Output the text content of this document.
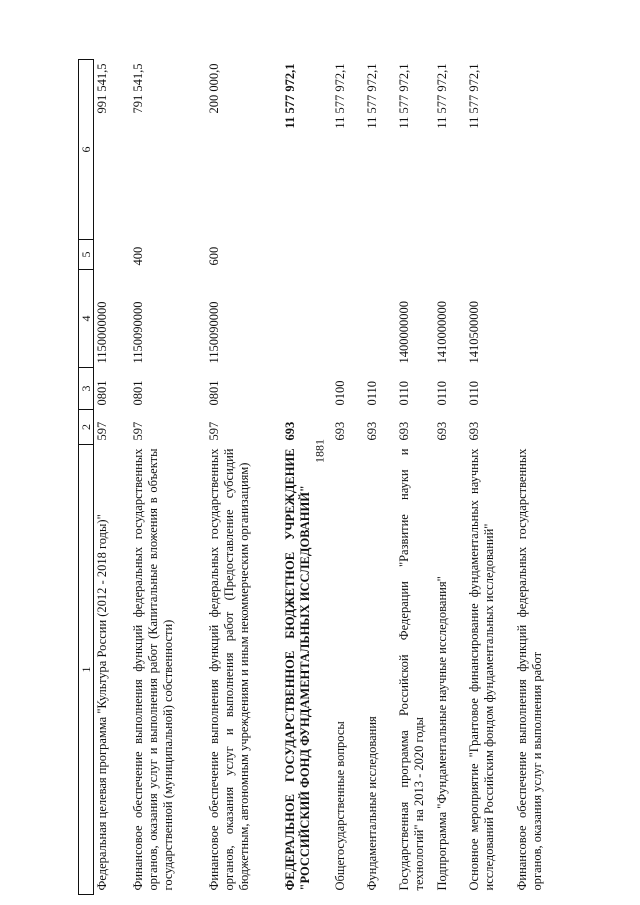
1881
1	2	3	4	5	6
Федеральная целевая программа "Культура России (2012 - 2018 годы)"	597	0801	1150000000		991 541,5
Финансовое обеспечение выполнения функций федеральных государственных органов, оказания услуг и выполнения работ (Капитальные вложения в объекты государственной (муниципальной) собственности)	597	0801	1150090000	400	791 541,5
Финансовое обеспечение выполнения функций федеральных государственных органов, оказания услуг и выполнения работ (Предоставление субсидий бюджетным, автономным учреждениям и иным некоммерческим организациям)	597	0801	1150090000	600	200 000,0
ФЕДЕРАЛЬНОЕ ГОСУДАРСТВЕННОЕ БЮДЖЕТНОЕ УЧРЕЖДЕНИЕ "РОССИЙСКИЙ ФОНД ФУНДАМЕНТАЛЬНЫХ ИССЛЕДОВАНИЙ"	693				11 577 972,1
Общегосударственные вопросы	693	0100			11 577 972,1
Фундаментальные исследования	693	0110			11 577 972,1
Государственная программа Российской Федерации "Развитие науки и технологий" на 2013 - 2020 годы	693	0110	1400000000		11 577 972,1
Подпрограмма "Фундаментальные научные исследования"	693	0110	1410000000		11 577 972,1
Основное мероприятие "Грантовое финансирование фундаментальных научных исследований Российским фондом фундаментальных исследований"	693	0110	1410500000		11 577 972,1
Финансовое обеспечение выполнения функций федеральных государственных органов, оказания услуг и выполнения работ					
